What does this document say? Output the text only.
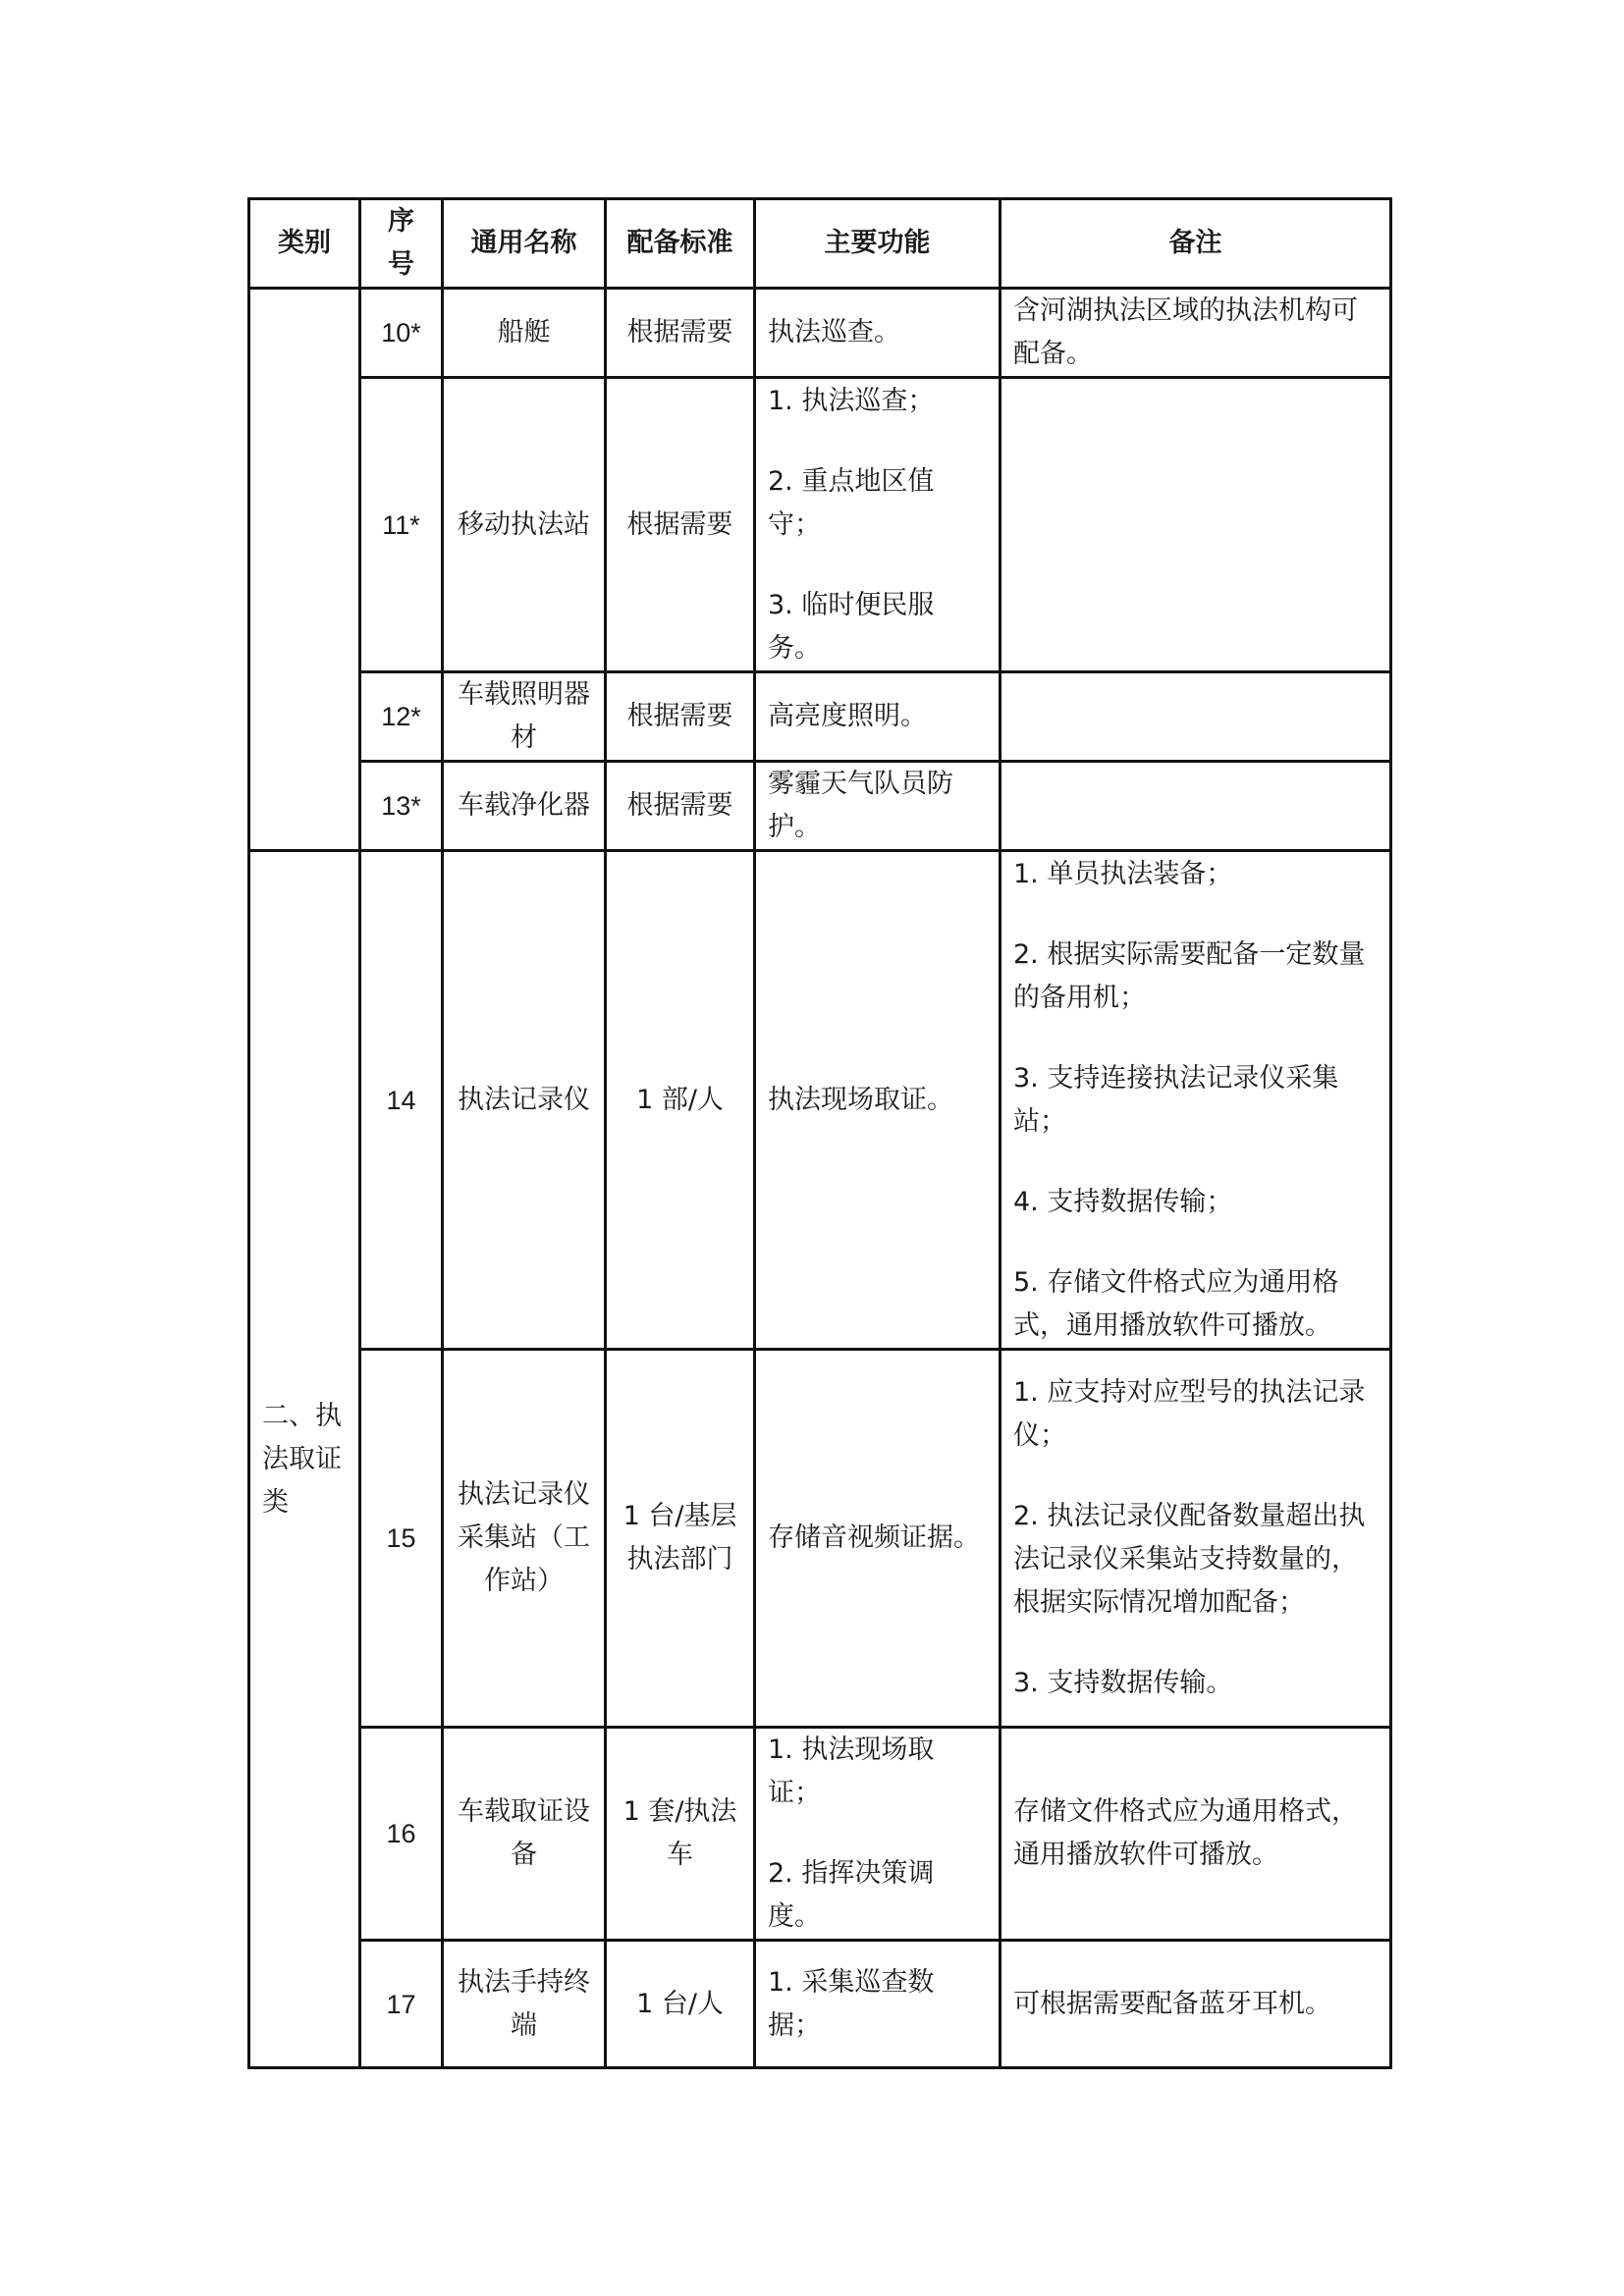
类别	序号	通用名称	配备标准	主要功能	备注
	10*	船艇	根据需要	执法巡查。	含河湖执法区域的执法机构可配备。

	11*	移动执法站	根据需要	1. 执法巡查；
2. 重点地区值守；
3. 临时便民服务。	

	12*	车载照明器材	根据需要	高亮度照明。	

	13*	车载净化器	根据需要	雾霾天气队员防护。	

二、执法取证类	14	执法记录仪	1 部/人	执法现场取证。	1. 单员执法装备；
2. 根据实际需要配备一定数量的备用机；
3. 支持连接执法记录仪采集站；
4. 支持数据传输；
5. 存储文件格式应为通用格式，通用播放软件可播放。

	15	执法记录仪采集站（工作站）	1 台/基层执法部门	存储音视频证据。	1. 应支持对应型号的执法记录仪；
2. 执法记录仪配备数量超出执法记录仪采集站支持数量的，根据实际情况增加配备；
3. 支持数据传输。

	16	车载取证设备	1 套/执法车	1. 执法现场取证；
2. 指挥决策调度。	存储文件格式应为通用格式，通用播放软件可播放。

	17	执法手持终端	1 台/人	1. 采集巡查数据；	可根据需要配备蓝牙耳机。
